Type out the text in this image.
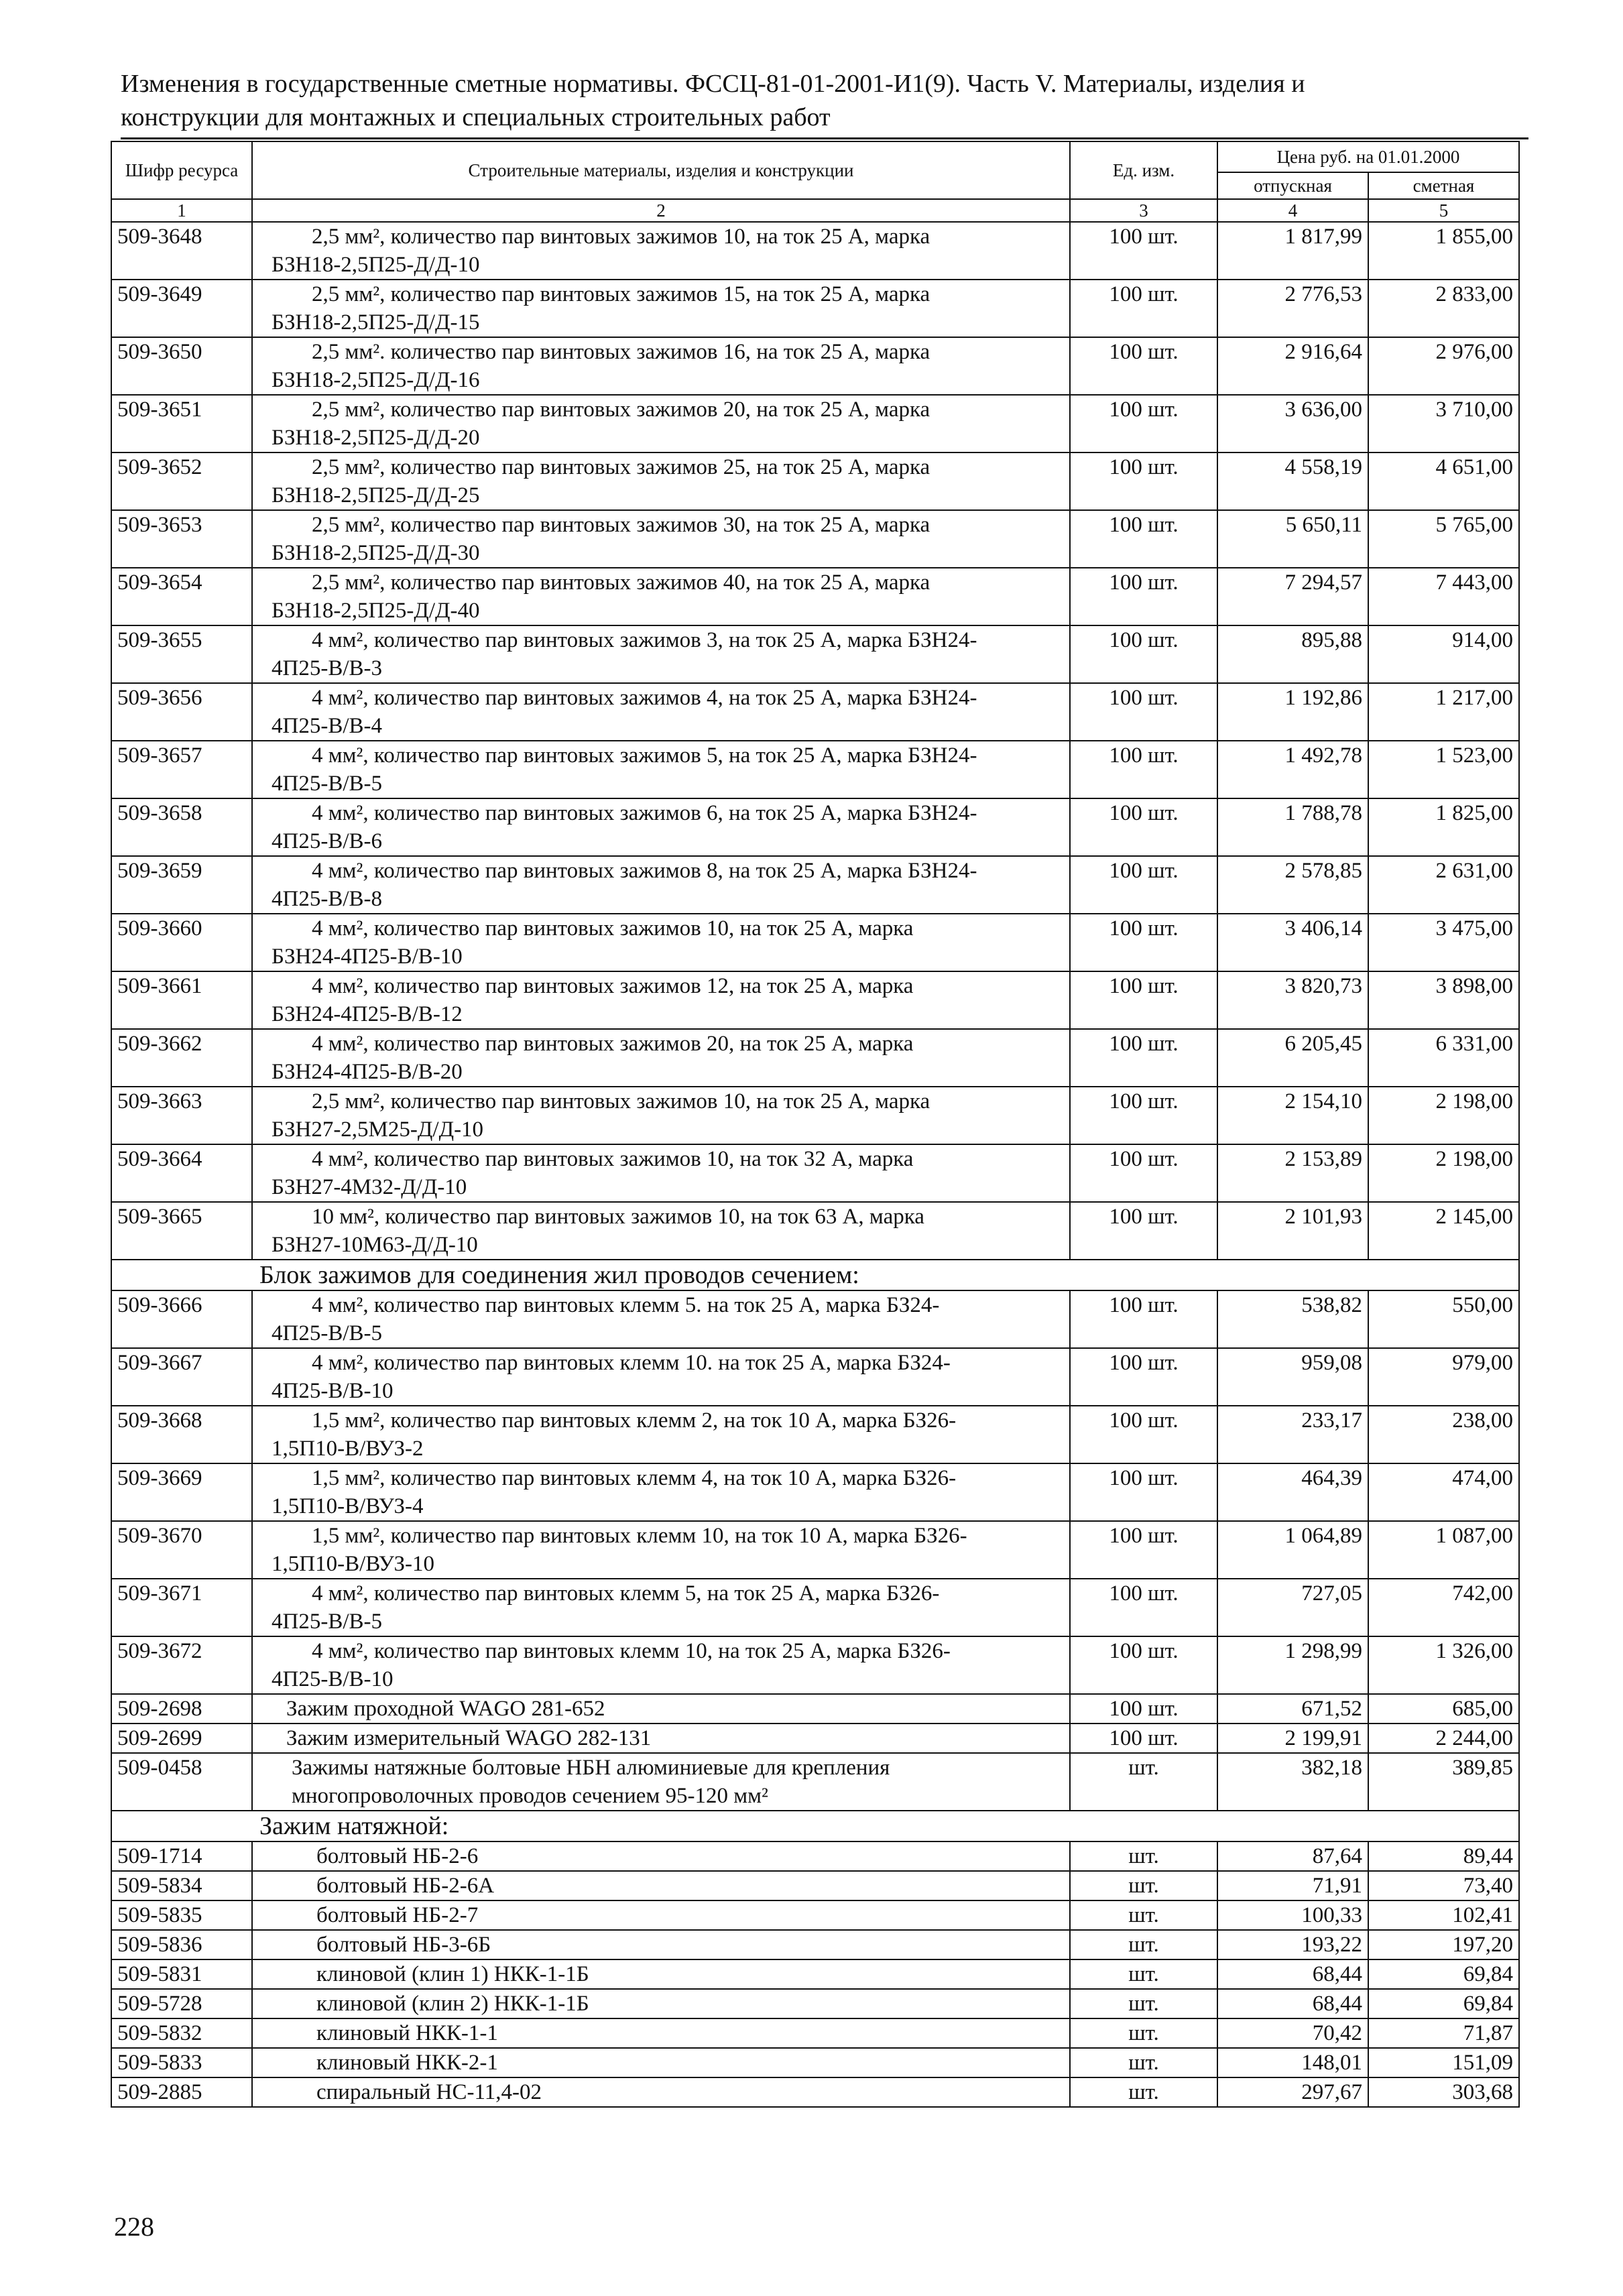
Изменения в государственные сметные нормативы. ФССЦ-81-01-2001-И1(9). Часть V. Материалы, изделия и
конструкции для монтажных и специальных строительных работ
Шифр ресурса	Строительные материалы, изделия и конструкции	Ед. изм.	Цена руб. на 01.01.2000	
			отпускная	сметная
1	2	3	4	5
509-3648	2,5 мм², количество пар винтовых зажимов 10, на ток 25 А, марка
БЗН18-2,5П25-Д/Д-10	100 шт.	1 817,99	1 855,00
509-3649	2,5 мм², количество пар винтовых зажимов 15, на ток 25 А, марка
БЗН18-2,5П25-Д/Д-15	100 шт.	2 776,53	2 833,00
509-3650	2,5 мм². количество пар винтовых зажимов 16, на ток 25 А, марка
БЗН18-2,5П25-Д/Д-16	100 шт.	2 916,64	2 976,00
509-3651	2,5 мм², количество пар винтовых зажимов 20, на ток 25 А, марка
БЗН18-2,5П25-Д/Д-20	100 шт.	3 636,00	3 710,00
509-3652	2,5 мм², количество пар винтовых зажимов 25, на ток 25 А, марка
БЗН18-2,5П25-Д/Д-25	100 шт.	4 558,19	4 651,00
509-3653	2,5 мм², количество пар винтовых зажимов 30, на ток 25 А, марка
БЗН18-2,5П25-Д/Д-30	100 шт.	5 650,11	5 765,00
509-3654	2,5 мм², количество пар винтовых зажимов 40, на ток 25 А, марка
БЗН18-2,5П25-Д/Д-40	100 шт.	7 294,57	7 443,00
509-3655	4 мм², количество пар винтовых зажимов 3, на ток 25 А, марка БЗН24-
4П25-В/В-3	100 шт.	895,88	914,00
509-3656	4 мм², количество пар винтовых зажимов 4, на ток 25 А, марка БЗН24-
4П25-В/В-4	100 шт.	1 192,86	1 217,00
509-3657	4 мм², количество пар винтовых зажимов 5, на ток 25 А, марка БЗН24-
4П25-В/В-5	100 шт.	1 492,78	1 523,00
509-3658	4 мм², количество пар винтовых зажимов 6, на ток 25 А, марка БЗН24-
4П25-В/В-6	100 шт.	1 788,78	1 825,00
509-3659	4 мм², количество пар винтовых зажимов 8, на ток 25 А, марка БЗН24-
4П25-В/В-8	100 шт.	2 578,85	2 631,00
509-3660	4 мм², количество пар винтовых зажимов 10, на ток 25 А, марка
БЗН24-4П25-В/В-10	100 шт.	3 406,14	3 475,00
509-3661	4 мм², количество пар винтовых зажимов 12, на ток 25 А, марка
БЗН24-4П25-В/В-12	100 шт.	3 820,73	3 898,00
509-3662	4 мм², количество пар винтовых зажимов 20, на ток 25 А, марка
БЗН24-4П25-В/В-20	100 шт.	6 205,45	6 331,00
509-3663	2,5 мм², количество пар винтовых зажимов 10, на ток 25 А, марка
БЗН27-2,5М25-Д/Д-10	100 шт.	2 154,10	2 198,00
509-3664	4 мм², количество пар винтовых зажимов 10, на ток 32 А, марка
БЗН27-4М32-Д/Д-10	100 шт.	2 153,89	2 198,00
509-3665	10 мм², количество пар винтовых зажимов 10, на ток 63 А, марка
БЗН27-10М63-Д/Д-10	100 шт.	2 101,93	2 145,00
Блок зажимов для соединения жил проводов сечением:				
509-3666	4 мм², количество пар винтовых клемм 5. на ток 25 А, марка БЗ24-
4П25-В/В-5	100 шт.	538,82	550,00
509-3667	4 мм², количество пар винтовых клемм 10. на ток 25 А, марка БЗ24-
4П25-В/В-10	100 шт.	959,08	979,00
509-3668	1,5 мм², количество пар винтовых клемм 2, на ток 10 А, марка БЗ26-
1,5П10-В/ВУЗ-2	100 шт.	233,17	238,00
509-3669	1,5 мм², количество пар винтовых клемм 4, на ток 10 А, марка БЗ26-
1,5П10-В/ВУЗ-4	100 шт.	464,39	474,00
509-3670	1,5 мм², количество пар винтовых клемм 10, на ток 10 А, марка БЗ26-
1,5П10-В/ВУЗ-10	100 шт.	1 064,89	1 087,00
509-3671	4 мм², количество пар винтовых клемм 5, на ток 25 А, марка БЗ26-
4П25-В/В-5	100 шт.	727,05	742,00
509-3672	4 мм², количество пар винтовых клемм 10, на ток 25 А, марка БЗ26-
4П25-В/В-10	100 шт.	1 298,99	1 326,00
509-2698	Зажим проходной WAGO 281-652	100 шт.	671,52	685,00
509-2699	Зажим измерительный WAGO 282-131	100 шт.	2 199,91	2 244,00
509-0458	Зажимы натяжные болтовые НБН алюминиевые для крепления
многопроволочных проводов сечением 95-120 мм²	шт.	382,18	389,85
Зажим натяжной:				
509-1714	болтовый НБ-2-6	шт.	87,64	89,44
509-5834	болтовый НБ-2-6А	шт.	71,91	73,40
509-5835	болтовый НБ-2-7	шт.	100,33	102,41
509-5836	болтовый НБ-3-6Б	шт.	193,22	197,20
509-5831	клиновой (клин 1) НКК-1-1Б	шт.	68,44	69,84
509-5728	клиновой (клин 2) НКК-1-1Б	шт.	68,44	69,84
509-5832	клиновый НКК-1-1	шт.	70,42	71,87
509-5833	клиновый НКК-2-1	шт.	148,01	151,09
509-2885	спиральный НС-11,4-02	шт.	297,67	303,68
228
